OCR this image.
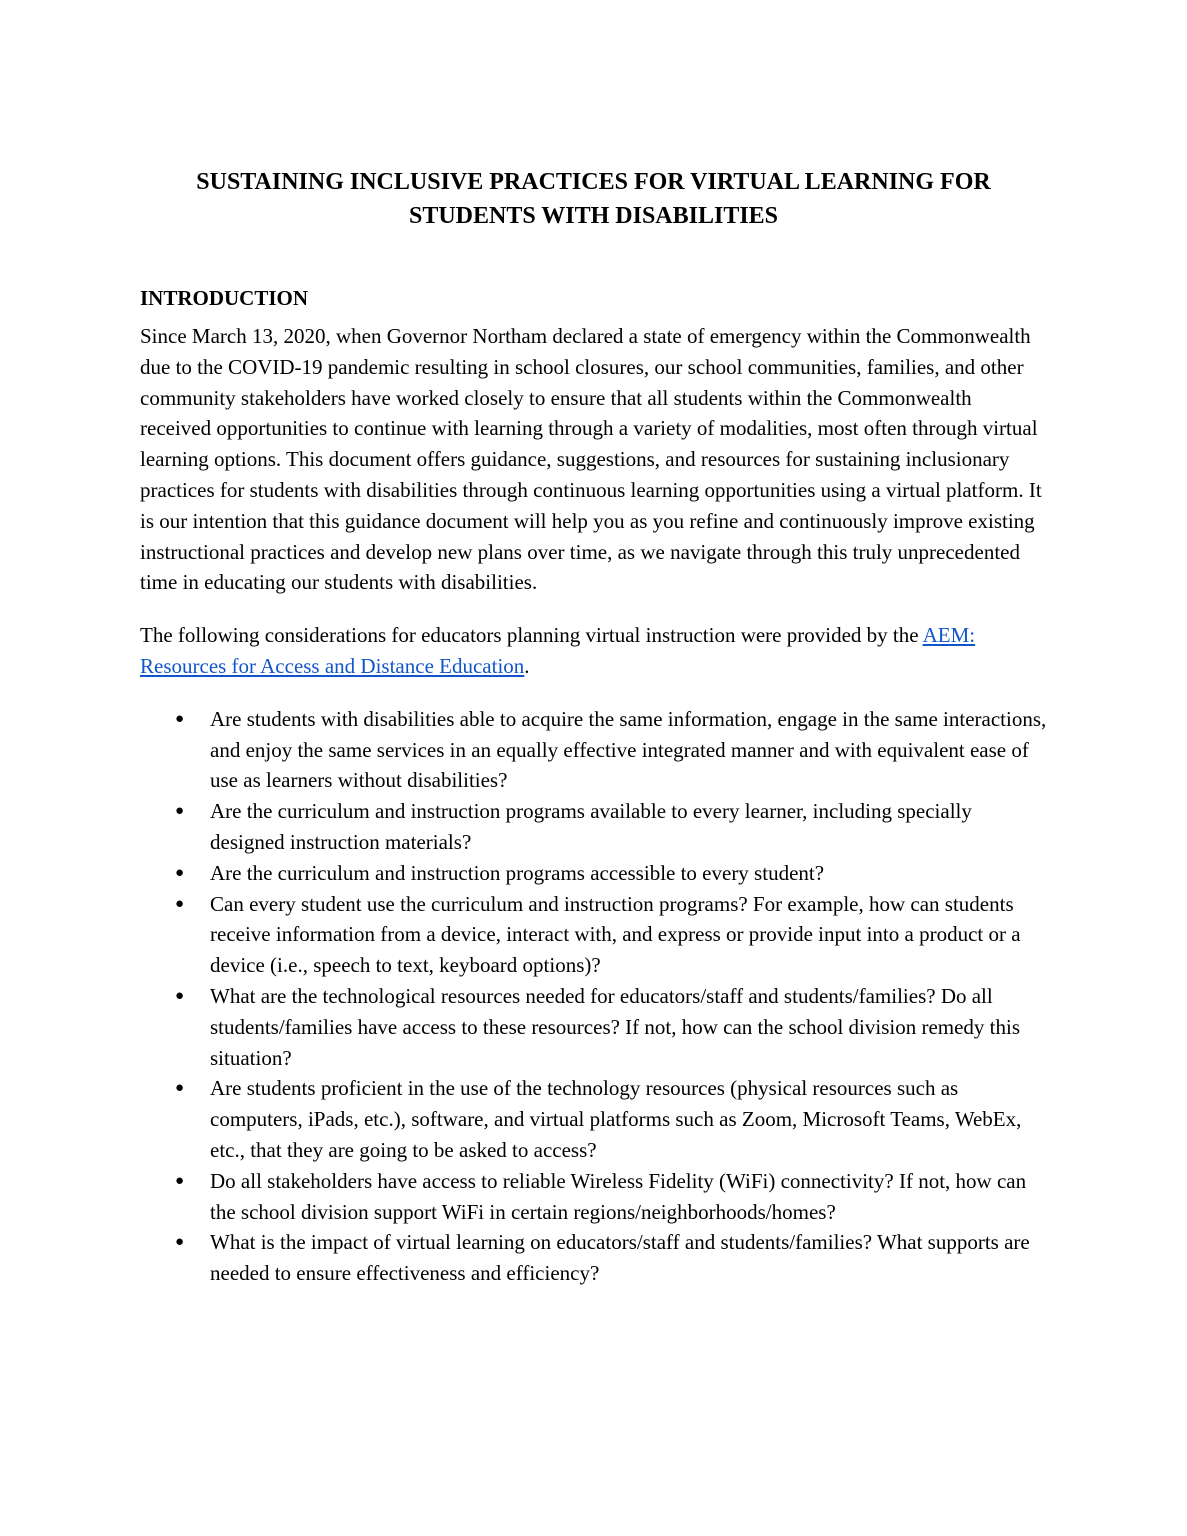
SUSTAINING INCLUSIVE PRACTICES FOR VIRTUAL LEARNING FOR
STUDENTS WITH DISABILITIES
INTRODUCTION

Since March 13, 2020, when Governor Northam declared a state of emergency within the Commonwealth due to the COVID-19 pandemic resulting in school closures, our school communities, families, and other community stakeholders have worked closely to ensure that all students within the Commonwealth received opportunities to continue with learning through a variety of modalities, most often through virtual learning options. This document offers guidance, suggestions, and resources for sustaining inclusionary practices for students with disabilities through continuous learning opportunities using a virtual platform. It is our intention that this guidance document will help you as you refine and continuously improve existing instructional practices and develop new plans over time, as we navigate through this truly unprecedented time in educating our students with disabilities.

The following considerations for educators planning virtual instruction were provided by the AEM: Resources for Access and Distance Education.

● Are students with disabilities able to acquire the same information, engage in the same interactions, and enjoy the same services in an equally effective integrated manner and with equivalent ease of use as learners without disabilities?
● Are the curriculum and instruction programs available to every learner, including specially designed instruction materials?
● Are the curriculum and instruction programs accessible to every student?
● Can every student use the curriculum and instruction programs? For example, how can students receive information from a device, interact with, and express or provide input into a product or a device (i.e., speech to text, keyboard options)?
● What are the technological resources needed for educators/staff and students/families? Do all students/families have access to these resources? If not, how can the school division remedy this situation?
● Are students proficient in the use of the technology resources (physical resources such as computers, iPads, etc.), software, and virtual platforms such as Zoom, Microsoft Teams, WebEx, etc., that they are going to be asked to access?
● Do all stakeholders have access to reliable Wireless Fidelity (WiFi) connectivity? If not, how can the school division support WiFi in certain regions/neighborhoods/homes?
● What is the impact of virtual learning on educators/staff and students/families? What supports are needed to ensure effectiveness and efficiency?
